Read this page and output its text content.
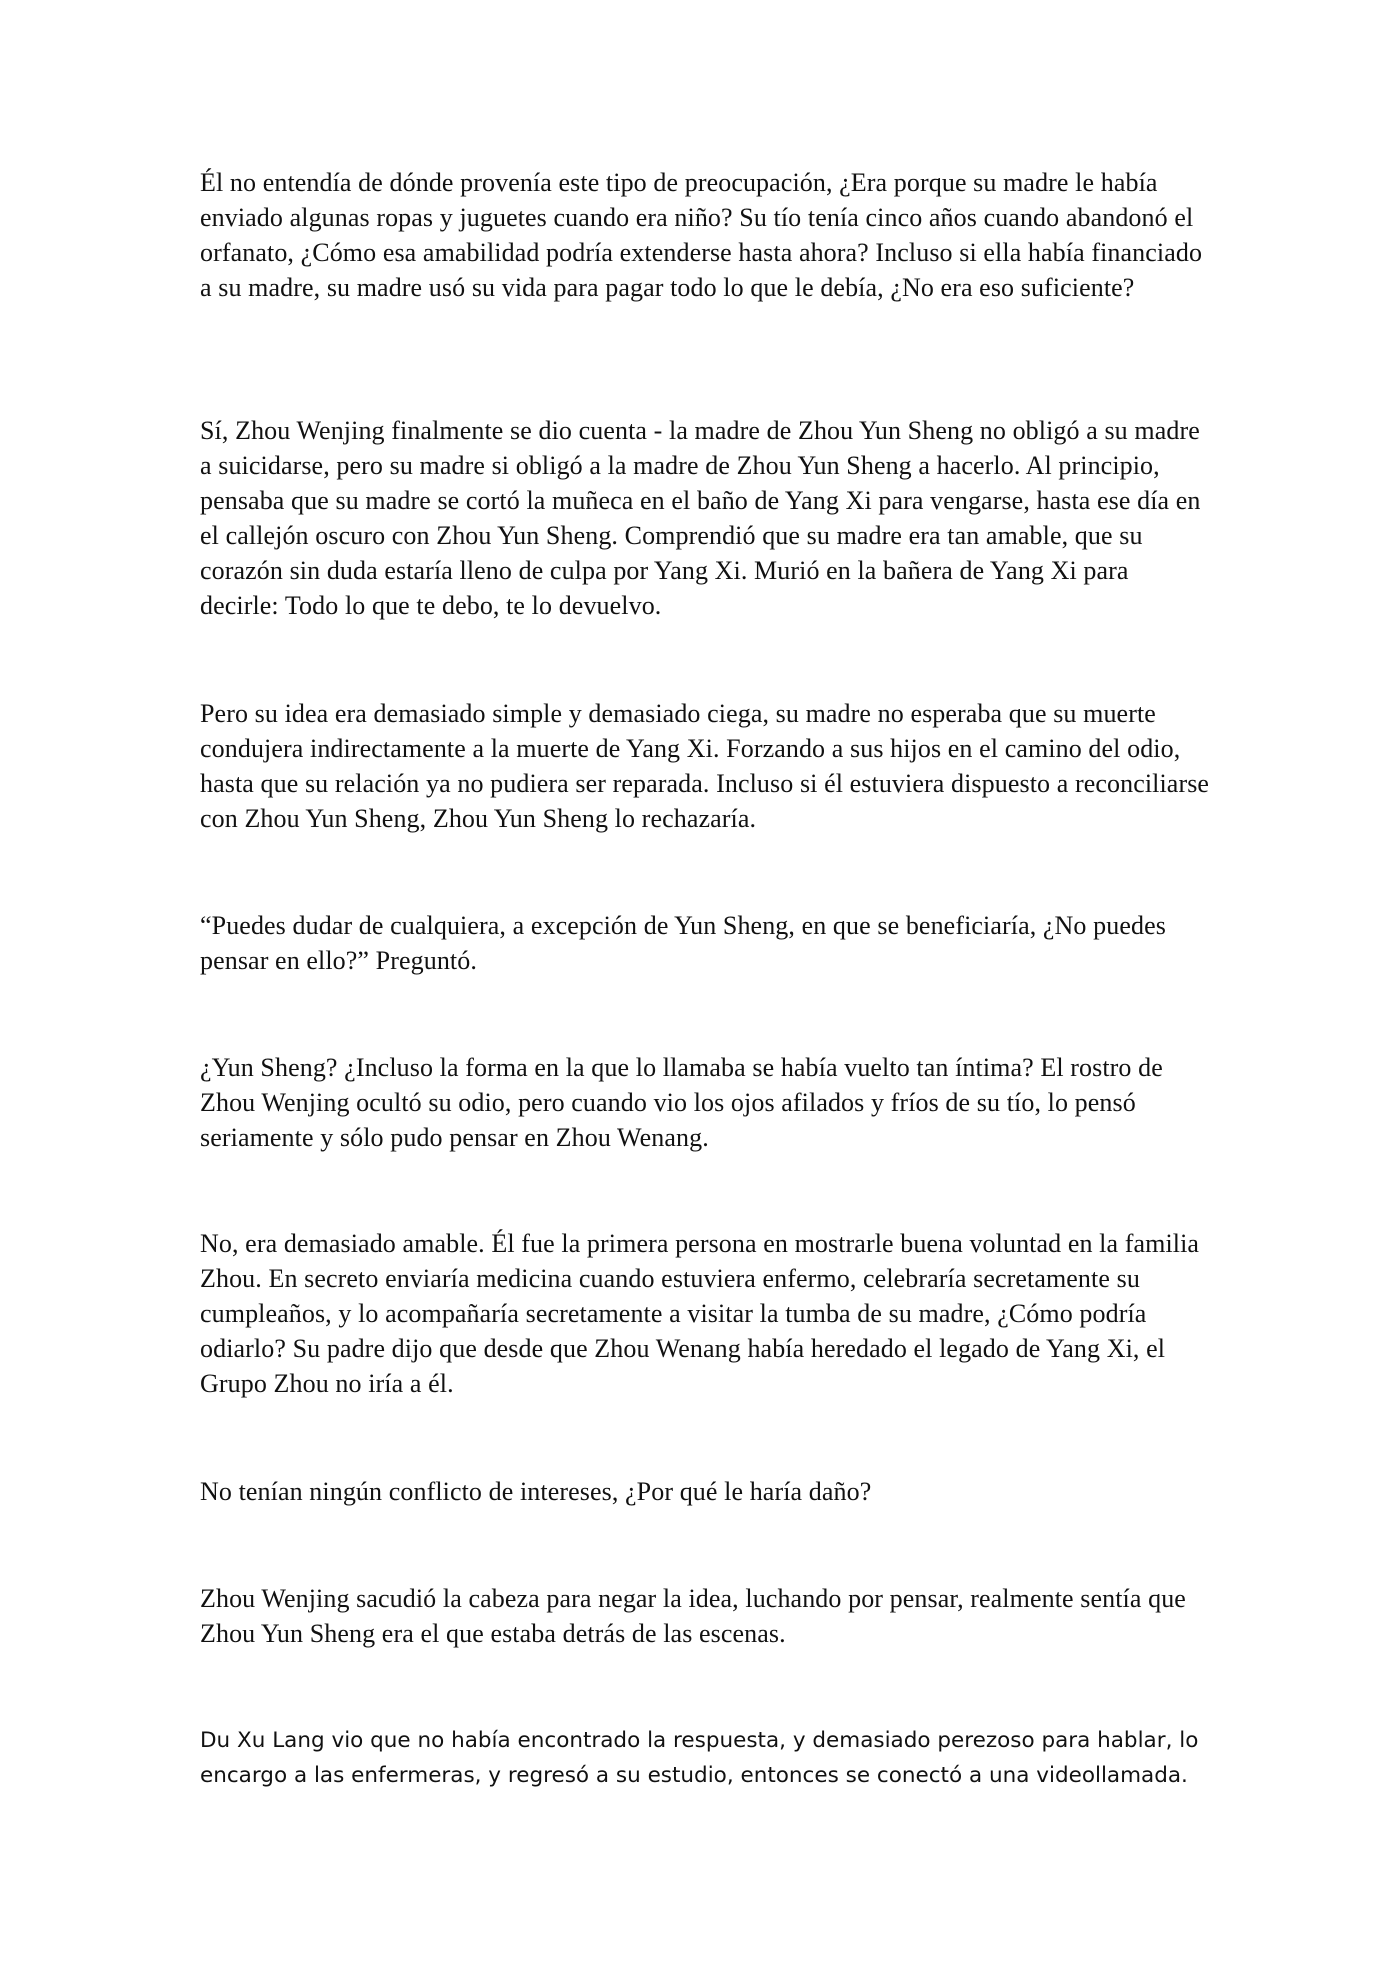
Él no entendía de dónde provenía este tipo de preocupación, ¿Era porque su madre le había enviado algunas ropas y juguetes cuando era niño? Su tío tenía cinco años cuando abandonó el orfanato, ¿Cómo esa amabilidad podría extenderse hasta ahora? Incluso si ella había financiado a su madre, su madre usó su vida para pagar todo lo que le debía, ¿No era eso suficiente?

Sí, Zhou Wenjing finalmente se dio cuenta - la madre de Zhou Yun Sheng no obligó a su madre a suicidarse, pero su madre si obligó a la madre de Zhou Yun Sheng a hacerlo. Al principio, pensaba que su madre se cortó la muñeca en el baño de Yang Xi para vengarse, hasta ese día en el callejón oscuro con Zhou Yun Sheng. Comprendió que su madre era tan amable, que su corazón sin duda estaría lleno de culpa por Yang Xi. Murió en la bañera de Yang Xi para decirle: Todo lo que te debo, te lo devuelvo.

Pero su idea era demasiado simple y demasiado ciega, su madre no esperaba que su muerte condujera indirectamente a la muerte de Yang Xi. Forzando a sus hijos en el camino del odio, hasta que su relación ya no pudiera ser reparada. Incluso si él estuviera dispuesto a reconciliarse con Zhou Yun Sheng, Zhou Yun Sheng lo rechazaría.

“Puedes dudar de cualquiera, a excepción de Yun Sheng, en que se beneficiaría, ¿No puedes pensar en ello?” Preguntó.

¿Yun Sheng? ¿Incluso la forma en la que lo llamaba se había vuelto tan íntima? El rostro de Zhou Wenjing ocultó su odio, pero cuando vio los ojos afilados y fríos de su tío, lo pensó seriamente y sólo pudo pensar en Zhou Wenang.

No, era demasiado amable. Él fue la primera persona en mostrarle buena voluntad en la familia Zhou. En secreto enviaría medicina cuando estuviera enfermo, celebraría secretamente su cumpleaños, y lo acompañaría secretamente a visitar la tumba de su madre, ¿Cómo podría odiarlo? Su padre dijo que desde que Zhou Wenang había heredado el legado de Yang Xi, el Grupo Zhou no iría a él.

No tenían ningún conflicto de intereses, ¿Por qué le haría daño?

Zhou Wenjing sacudió la cabeza para negar la idea, luchando por pensar, realmente sentía que Zhou Yun Sheng era el que estaba detrás de las escenas.

Du Xu Lang vio que no había encontrado la respuesta, y demasiado perezoso para hablar, lo encargo a las enfermeras, y regresó a su estudio, entonces se conectó a una videollamada.
